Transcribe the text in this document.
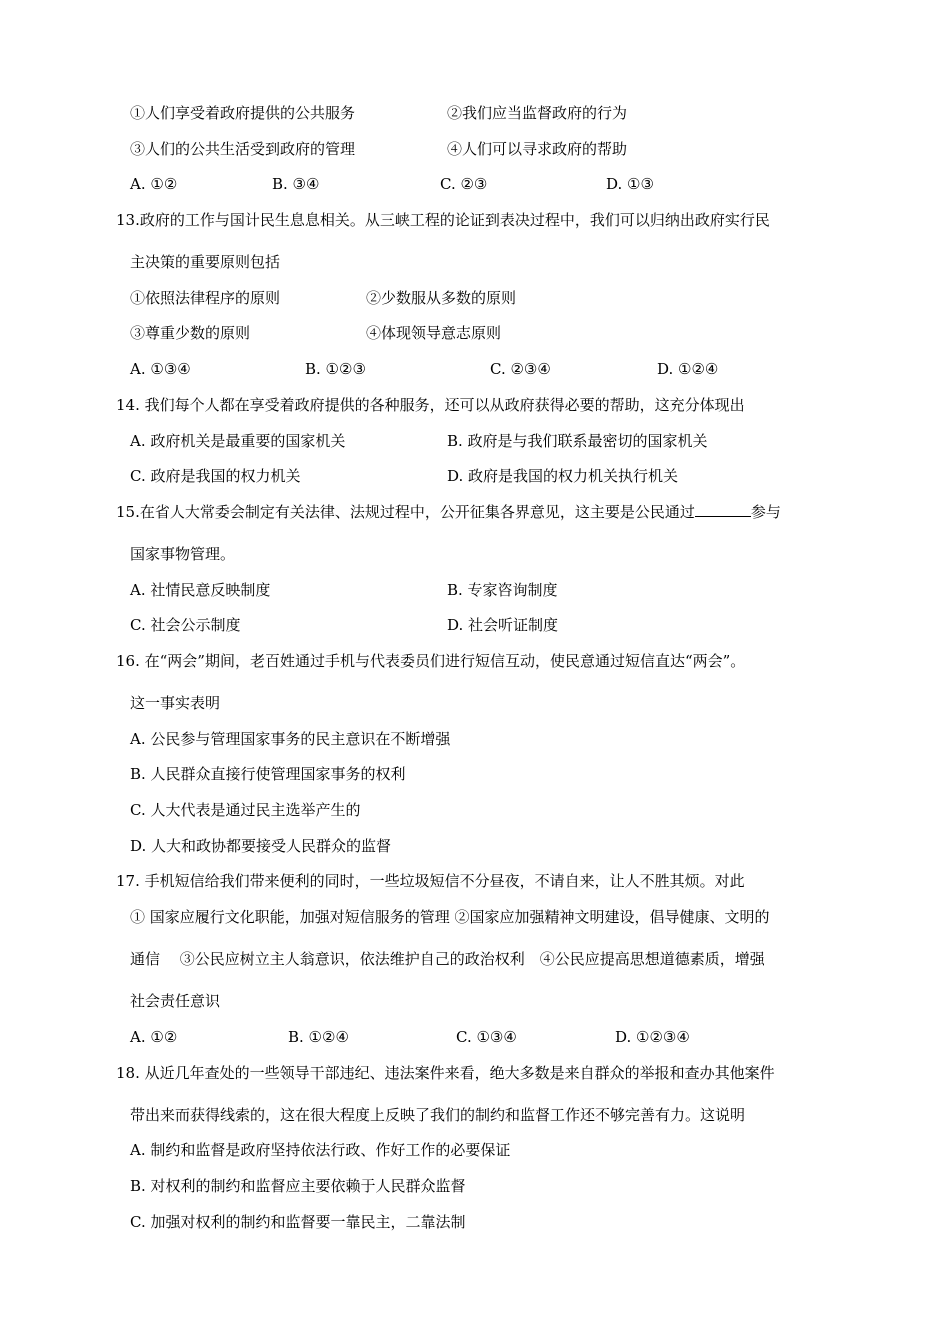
①人们享受着政府提供的公共服务	②我们应当监督政府的行为
③人们的公共生活受到政府的管理	④人们可以寻求政府的帮助
A. ①②	B. ③④	C. ②③	D. ①③
13.政府的工作与国计民生息息相关。从三峡工程的论证到表决过程中，我们可以归纳出政府实行民
主决策的重要原则包括
①依照法律程序的原则	②少数服从多数的原则
③尊重少数的原则	④体现领导意志原则
A. ①③④	B. ①②③	C. ②③④	D. ①②④
14. 我们每个人都在享受着政府提供的各种服务，还可以从政府获得必要的帮助，这充分体现出
A. 政府机关是最重要的国家机关	B. 政府是与我们联系最密切的国家机关
C. 政府是我国的权力机关	D. 政府是我国的权力机关执行机关
15.在省人大常委会制定有关法律、法规过程中，公开征集各界意见，这主要是公民通过	参与
国家事物管理。
A. 社情民意反映制度	B. 专家咨询制度
C. 社会公示制度	D. 社会听证制度
16. 在“两会”期间，老百姓通过手机与代表委员们进行短信互动，使民意通过短信直达“两会”。
这一事实表明
A. 公民参与管理国家事务的民主意识在不断增强
B. 人民群众直接行使管理国家事务的权利
C. 人大代表是通过民主选举产生的
D. 人大和政协都要接受人民群众的监督
17. 手机短信给我们带来便利的同时，一些垃圾短信不分昼夜，不请自来，让人不胜其烦。对此
① 国家应履行文化职能，加强对短信服务的管理 ②国家应加强精神文明建设，倡导健康、文明的
通信　 ③公民应树立主人翁意识，依法维护自己的政治权利　④公民应提高思想道德素质，增强
社会责任意识
A. ①②	B. ①②④	C. ①③④	D. ①②③④
18. 从近几年查处的一些领导干部违纪、违法案件来看，绝大多数是来自群众的举报和查办其他案件
带出来而获得线索的，这在很大程度上反映了我们的制约和监督工作还不够完善有力。这说明
A. 制约和监督是政府坚持依法行政、作好工作的必要保证
B. 对权利的制约和监督应主要依赖于人民群众监督
C. 加强对权利的制约和监督要一靠民主，二靠法制
